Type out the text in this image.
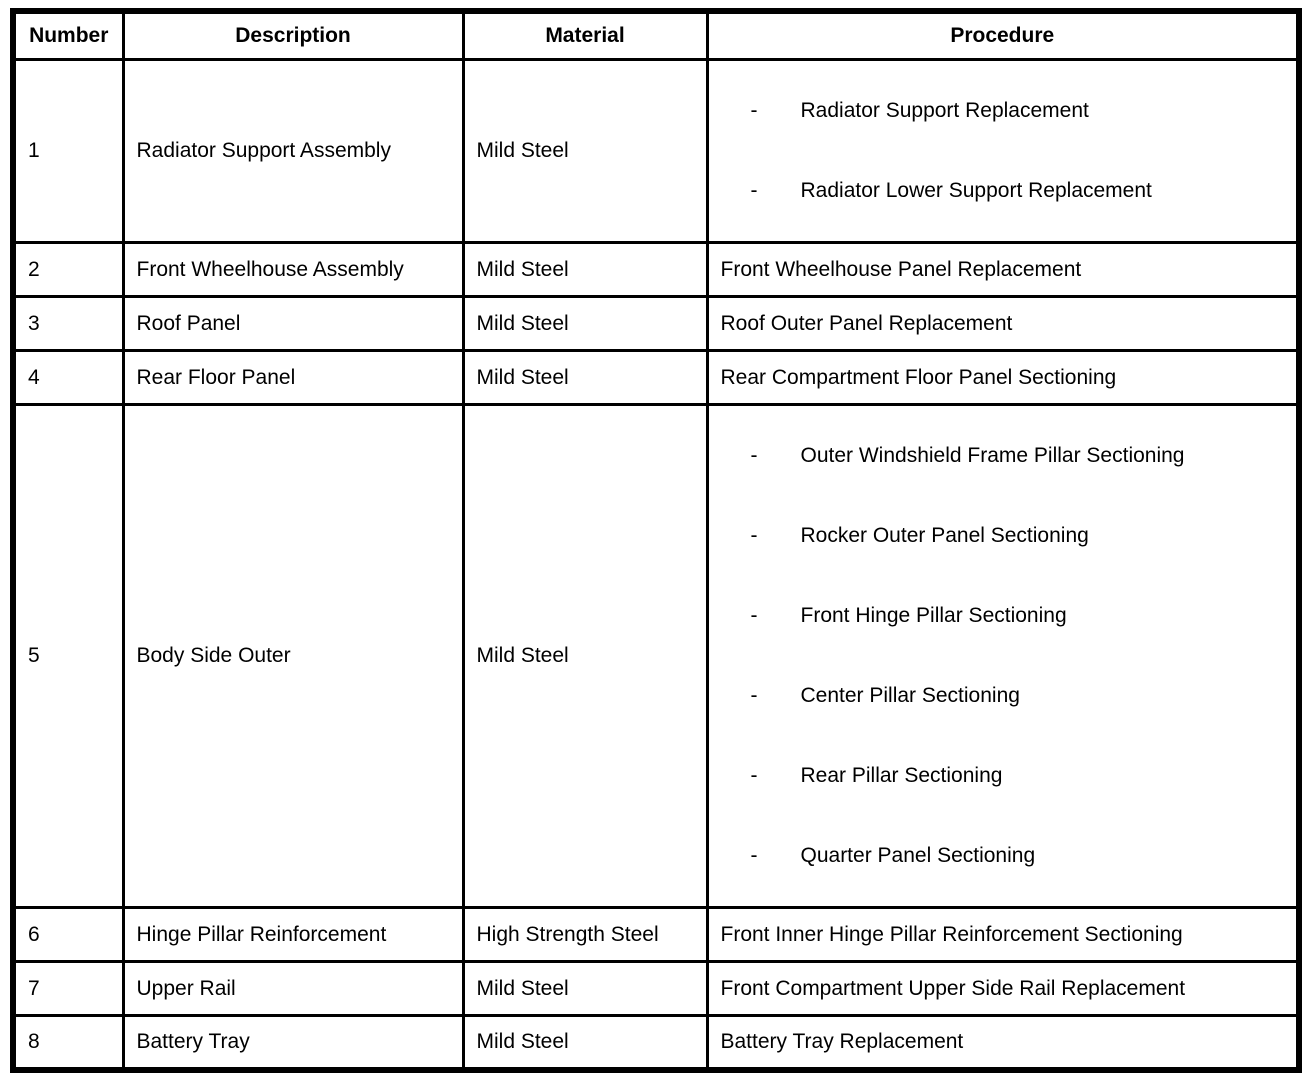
Number	Description	Material	Procedure
1	Radiator Support Assembly	Mild Steel	- Radiator Support Replacement
- Radiator Lower Support Replacement

2	Front Wheelhouse Assembly	Mild Steel	Front Wheelhouse Panel Replacement

3	Roof Panel	Mild Steel	Roof Outer Panel Replacement

4	Rear Floor Panel	Mild Steel	Rear Compartment Floor Panel Sectioning

5	Body Side Outer	Mild Steel	
-	Outer Windshield Frame Pillar Sectioning
-	Rocker Outer Panel Sectioning
-	Front Hinge Pillar Sectioning
-	Center Pillar Sectioning
-	Rear Pillar Sectioning
-	Quarter Panel Sectioning

6	Hinge Pillar Reinforcement	High Strength Steel	Front Inner Hinge Pillar Reinforcement Sectioning

7	Upper Rail	Mild Steel	Front Compartment Upper Side Rail Replacement

8	Battery Tray	Mild Steel	Battery Tray Replacement
